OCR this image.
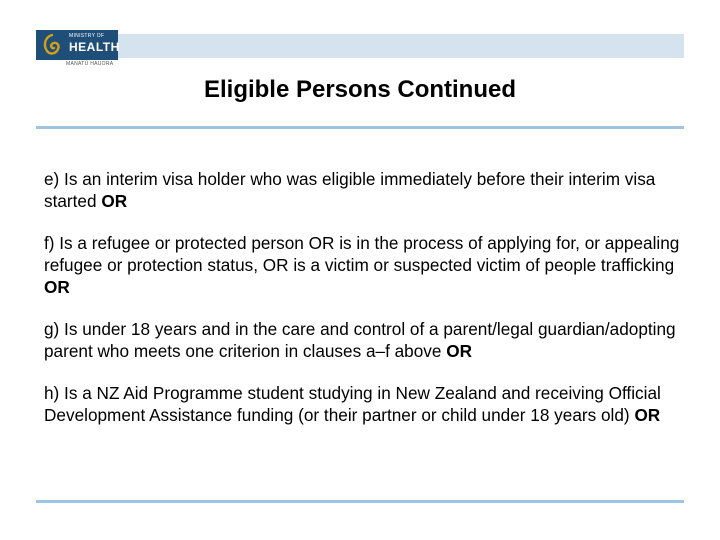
MINISTRY OF
HEALTH
MANATŪ HAUORA
Eligible Persons Continued

e) Is an interim visa holder who was eligible immediately before their interim visa started OR

f) Is a refugee or protected person OR is in the process of applying for, or appealing refugee or protection status, OR is a victim or suspected victim of people trafficking OR

g) Is under 18 years and in the care and control of a parent/legal guardian/adopting parent who meets one criterion in clauses a–f above OR

h) Is a NZ Aid Programme student studying in New Zealand and receiving Official Development Assistance funding (or their partner or child under 18 years old) OR
